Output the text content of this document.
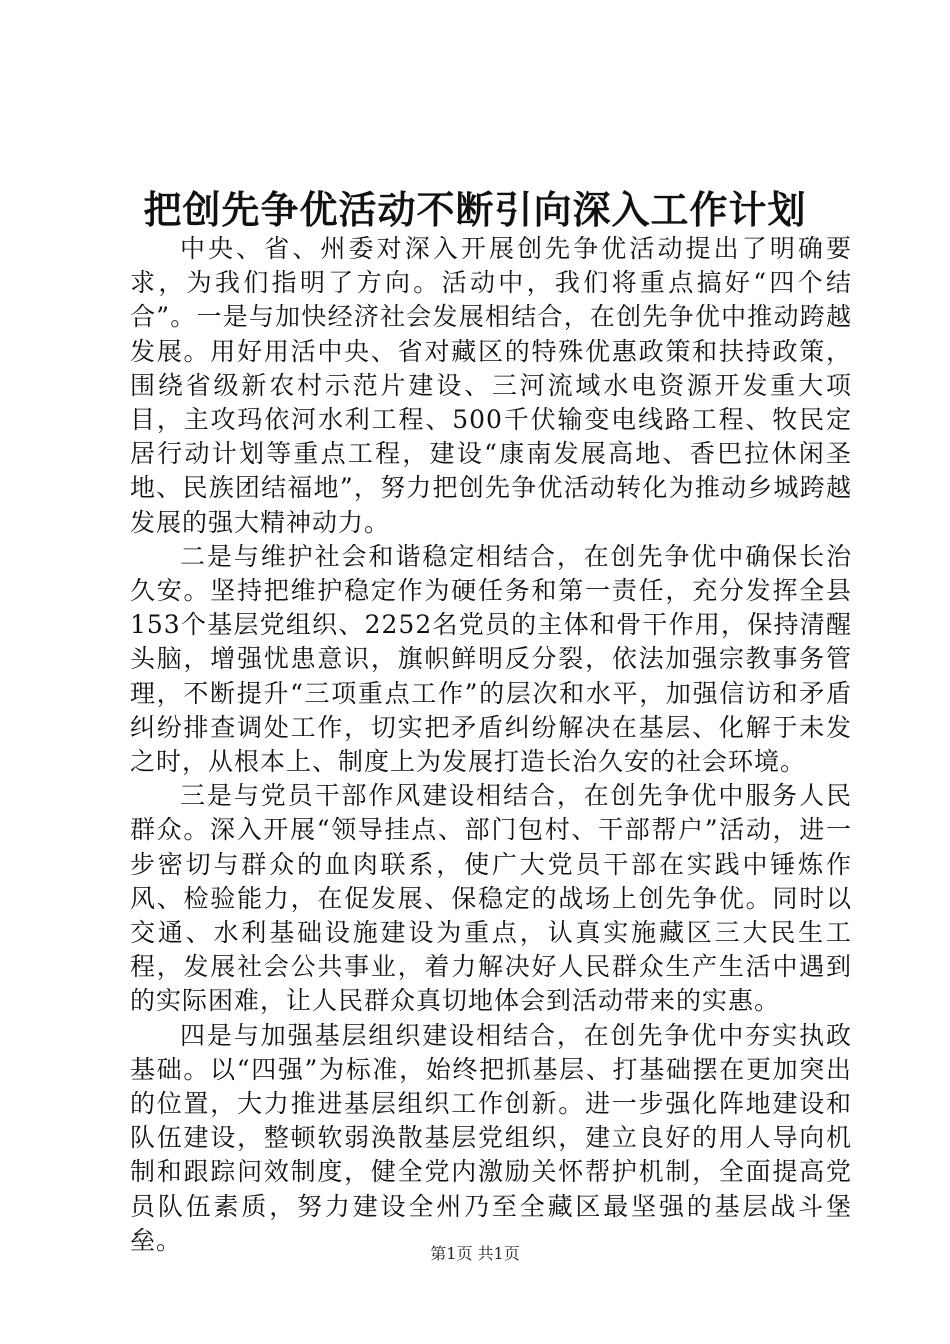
把创先争优活动不断引向深入工作计划

中央、省、州委对深入开展创先争优活动提出了明确要求，为我们指明了方向。活动中，我们将重点搞好“四个结合”。一是与加快经济社会发展相结合，在创先争优中推动跨越发展。用好用活中央、省对藏区的特殊优惠政策和扶持政策，围绕省级新农村示范片建设、三河流域水电资源开发重大项目，主攻玛依河水利工程、500千伏输变电线路工程、牧民定居行动计划等重点工程，建设“康南发展高地、香巴拉休闲圣地、民族团结福地”，努力把创先争优活动转化为推动乡城跨越发展的强大精神动力。

二是与维护社会和谐稳定相结合，在创先争优中确保长治久安。坚持把维护稳定作为硬任务和第一责任，充分发挥全县153个基层党组织、2252名党员的主体和骨干作用，保持清醒头脑，增强忧患意识，旗帜鲜明反分裂，依法加强宗教事务管理，不断提升“三项重点工作”的层次和水平，加强信访和矛盾纠纷排查调处工作，切实把矛盾纠纷解决在基层、化解于未发之时，从根本上、制度上为发展打造长治久安的社会环境。

三是与党员干部作风建设相结合，在创先争优中服务人民群众。深入开展“领导挂点、部门包村、干部帮户”活动，进一步密切与群众的血肉联系，使广大党员干部在实践中锤炼作风、检验能力，在促发展、保稳定的战场上创先争优。同时以交通、水利基础设施建设为重点，认真实施藏区三大民生工程，发展社会公共事业，着力解决好人民群众生产生活中遇到的实际困难，让人民群众真切地体会到活动带来的实惠。

四是与加强基层组织建设相结合，在创先争优中夯实执政基础。以“四强”为标准，始终把抓基层、打基础摆在更加突出的位置，大力推进基层组织工作创新。进一步强化阵地建设和队伍建设，整顿软弱涣散基层党组织，建立良好的用人导向机制和跟踪问效制度，健全党内激励关怀帮护机制，全面提高党员队伍素质，努力建设全州乃至全藏区最坚强的基层战斗堡垒。	第1页 共1页
